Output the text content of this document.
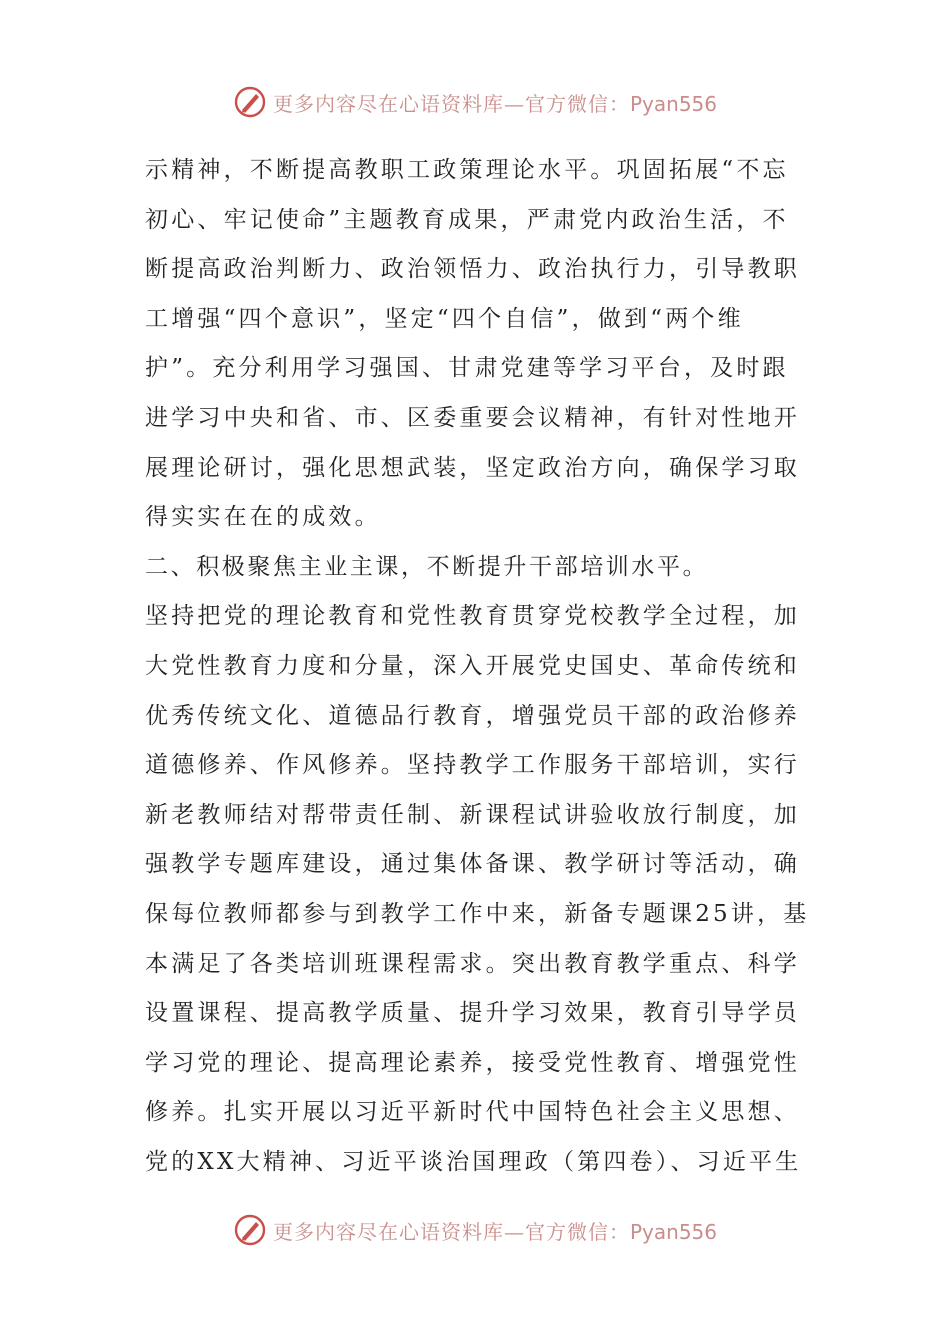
更多内容尽在心语资料库—官方微信：Pyan556
示精神，不断提高教职工政策理论水平。巩固拓展“不忘
初心、牢记使命”主题教育成果，严肃党内政治生活，不
断提高政治判断力、政治领悟力、政治执行力，引导教职
工增强“四个意识”，坚定“四个自信”，做到“两个维
护”。充分利用学习强国、甘肃党建等学习平台，及时跟
进学习中央和省、市、区委重要会议精神，有针对性地开
展理论研讨，强化思想武装，坚定政治方向，确保学习取
得实实在在的成效。
二、积极聚焦主业主课，不断提升干部培训水平。
坚持把党的理论教育和党性教育贯穿党校教学全过程，加
大党性教育力度和分量，深入开展党史国史、革命传统和
优秀传统文化、道德品行教育，增强党员干部的政治修养
道德修养、作风修养。坚持教学工作服务干部培训，实行
新老教师结对帮带责任制、新课程试讲验收放行制度，加
强教学专题库建设，通过集体备课、教学研讨等活动，确
保每位教师都参与到教学工作中来，新备专题课25讲，基
本满足了各类培训班课程需求。突出教育教学重点、科学
设置课程、提高教学质量、提升学习效果，教育引导学员
学习党的理论、提高理论素养，接受党性教育、增强党性
修养。扎实开展以习近平新时代中国特色社会主义思想、
党的XX大精神、习近平谈治国理政（第四卷）、习近平生
更多内容尽在心语资料库—官方微信：Pyan556
